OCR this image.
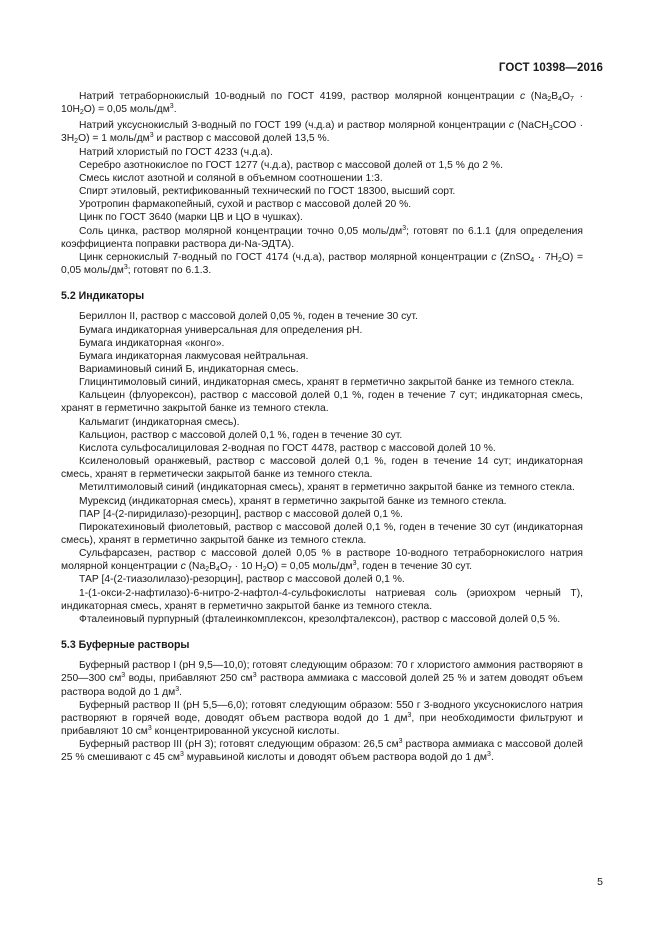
ГОСТ 10398—2016

Натрий тетраборнокислый 10-водный по ГОСТ 4199, раствор молярной концентрации c $(Na_2B_4O_7 \cdot 10H_2O) = 0,05$ моль/$дм^3$.

Натрий уксуснокислый 3-водный по ГОСТ 199 (ч.д.а) и раствор молярной концентрации c (NaCH$_3$COO · $3H_2O) = 1$ моль/$дм^3$ и раствор с массовой долей 13,5 %.

Натрий хлористый по ГОСТ 4233 (ч.д.а).

Серебро азотнокислое по ГОСТ 1277 (ч.д.а), раствор с массовой долей от 1,5 % до 2 %.

Смесь кислот азотной и соляной в объемном соотношении 1:3.

Спирт этиловый, ректификованный технический по ГОСТ 18300, высший сорт.

Уротропин фармакопейный, сухой и раствор с массовой долей 20 %.

Цинк по ГОСТ 3640 (марки ЦВ и ЦО в чушках).

Соль цинка, раствор молярной концентрации точно 0,05 моль/$дм^3$; готовят по 6.1.1 (для определения коэффициента поправки раствора ди-Na-ЭДТА).

Цинк сернокислый 7-водный по ГОСТ 4174 (ч.д.а), раствор молярной концентрации c (ZnSO$_4$ · $7H_2O) = 0,05$ моль/$дм^3$; готовят по 6.1.3.

5.2 Индикаторы

Бериллон II, раствор с массовой долей 0,05 %, годен в течение 30 сут.

Бумага индикаторная универсальная для определения pH.

Бумага индикаторная «конго».

Бумага индикаторная лакмусовая нейтральная.

Вариаминовый синий Б, индикаторная смесь.

Глицинтимоловый синий, индикаторная смесь, хранят в герметично закрытой банке из темного стекла.

Кальцеин (флуорексон), раствор с массовой долей 0,1 %, годен в течение 7 сут; индикаторная смесь, хранят в герметично закрытой банке из темного стекла.

Кальмагит (индикаторная смесь).

Кальцион, раствор с массовой долей 0,1 %, годен в течение 30 сут.

Кислота сульфосалициловая 2-водная по ГОСТ 4478, раствор с массовой долей 10 %.

Ксиленоловый оранжевый, раствор с массовой долей 0,1 %, годен в течение 14 сут; индикаторная смесь, хранят в герметически закрытой банке из темного стекла.

Метилтимоловый синий (индикаторная смесь), хранят в герметично закрытой банке из темного стекла.

Мурексид (индикаторная смесь), хранят в герметично закрытой банке из темного стекла.

ПАР [4-(2-пиридилазо)-резорцин], раствор с массовой долей 0,1 %.

Пирокатехиновый фиолетовый, раствор с массовой долей 0,1 %, годен в течение 30 сут (индикаторная смесь), хранят в герметично закрытой банке из темного стекла.

Сульфарсазен, раствор с массовой долей 0,05 % в растворе 10-водного тетраборнокислого натрия молярной концентрации c ($Na_2B_4O_7 \cdot 10$ $H_2O) = 0,05$ моль/$дм^3$, годен в течение 30 сут.

ТАР [4-(2-тиазолилазо)-резорцин], раствор с массовой долей 0,1 %.

1-(1-окси-2-нафтилазо)-6-нитро-2-нафтол-4-сульфокислоты натриевая соль (эриохром черный Т), индикаторная смесь, хранят в герметично закрытой банке из темного стекла.

Фталеиновый пурпурный (фталеинкомплексон, крезолфталексон), раствор с массовой долей 0,5 %.

5.3 Буферные растворы

Буферный раствор I (pH 9,5—10,0); готовят следующим образом: 70 г хлористого аммония растворяют в 250—300 $см^3$ воды, прибавляют 250 $см^3$ раствора аммиака с массовой долей 25 % и затем доводят объем раствора водой до 1 $дм^3$.

Буферный раствор II (pH 5,5—6,0); готовят следующим образом: 550 г 3-водного уксуснокислого натрия растворяют в горячей воде, доводят объем раствора водой до 1 $дм^3$, при необходимости фильтруют и прибавляют 10 $см^3$ концентрированной уксусной кислоты.

Буферный раствор III (pH 3); готовят следующим образом: 26,5 $см^3$ раствора аммиака с массовой долей 25 % смешивают с 45 $см^3$ муравьиной кислоты и доводят объем раствора водой до 1 $дм^3$.

5
